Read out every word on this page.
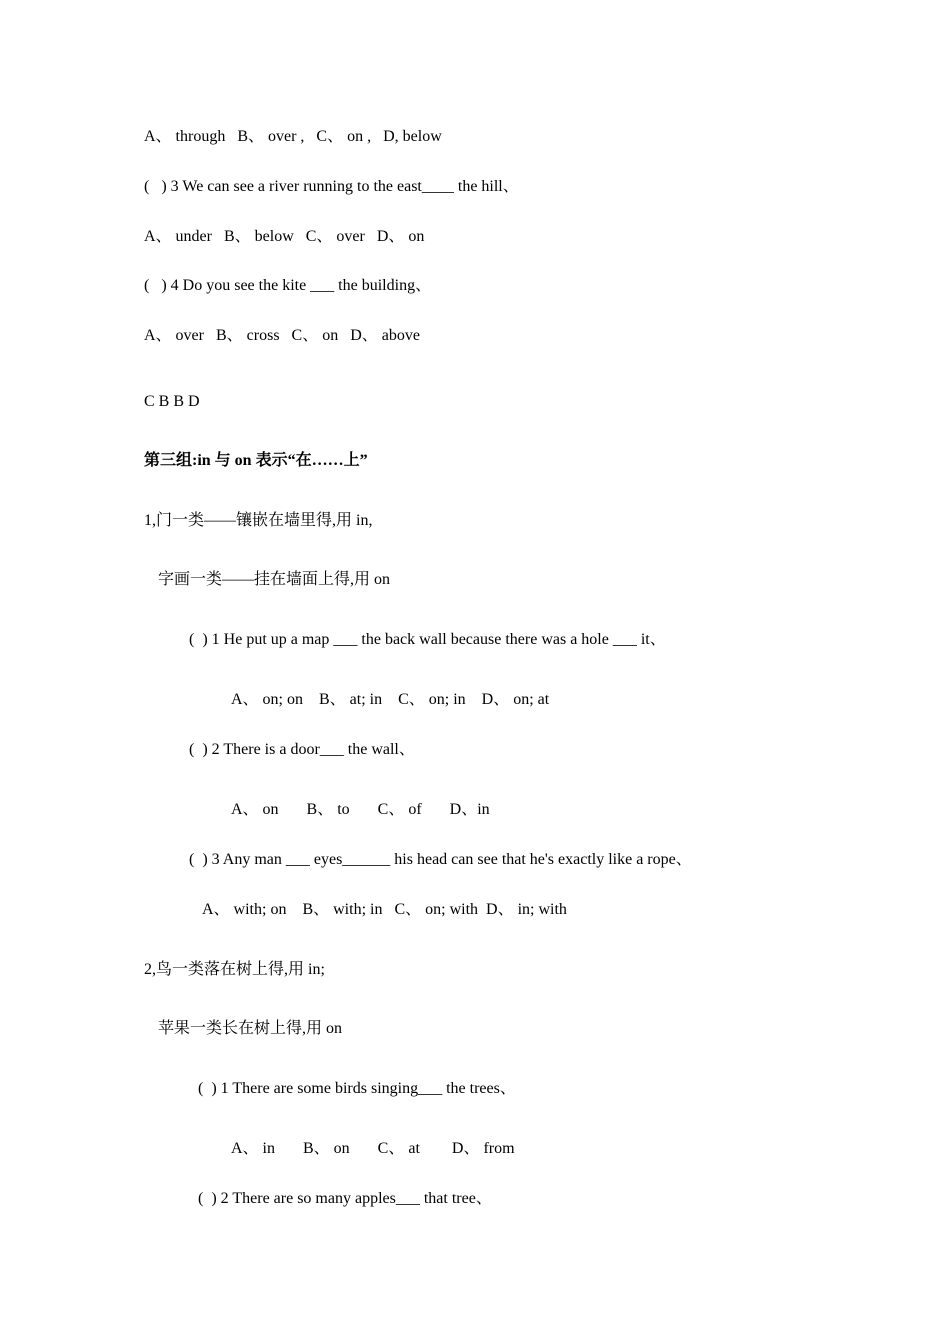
A、 through   B、 over ,   C、 on ,   D, below
(   ) 3 We can see a river running to the east____ the hill、
A、 under   B、 below   C、 over   D、 on
(   ) 4 Do you see the kite ___ the building、
A、 over   B、 cross   C、 on   D、 above
C B B D
第三组:in 与 on 表示“在……上”
1,门一类——镶嵌在墙里得,用 in,
字画一类——挂在墙面上得,用 on
(  ) 1 He put up a map ___ the back wall because there was a hole ___ it、
A、 on; on    B、 at; in    C、 on; in    D、 on; at
(  ) 2 There is a door___ the wall、
A、 on       B、 to       C、 of       D、in
(  ) 3 Any man ___ eyes______ his head can see that he's exactly like a rope、
A、 with; on    B、 with; in   C、 on; with  D、 in; with
2,鸟一类落在树上得,用 in;
苹果一类长在树上得,用 on
(  ) 1 There are some birds singing___ the trees、
A、 in       B、 on       C、 at        D、 from
(  ) 2 There are so many apples___ that tree、
